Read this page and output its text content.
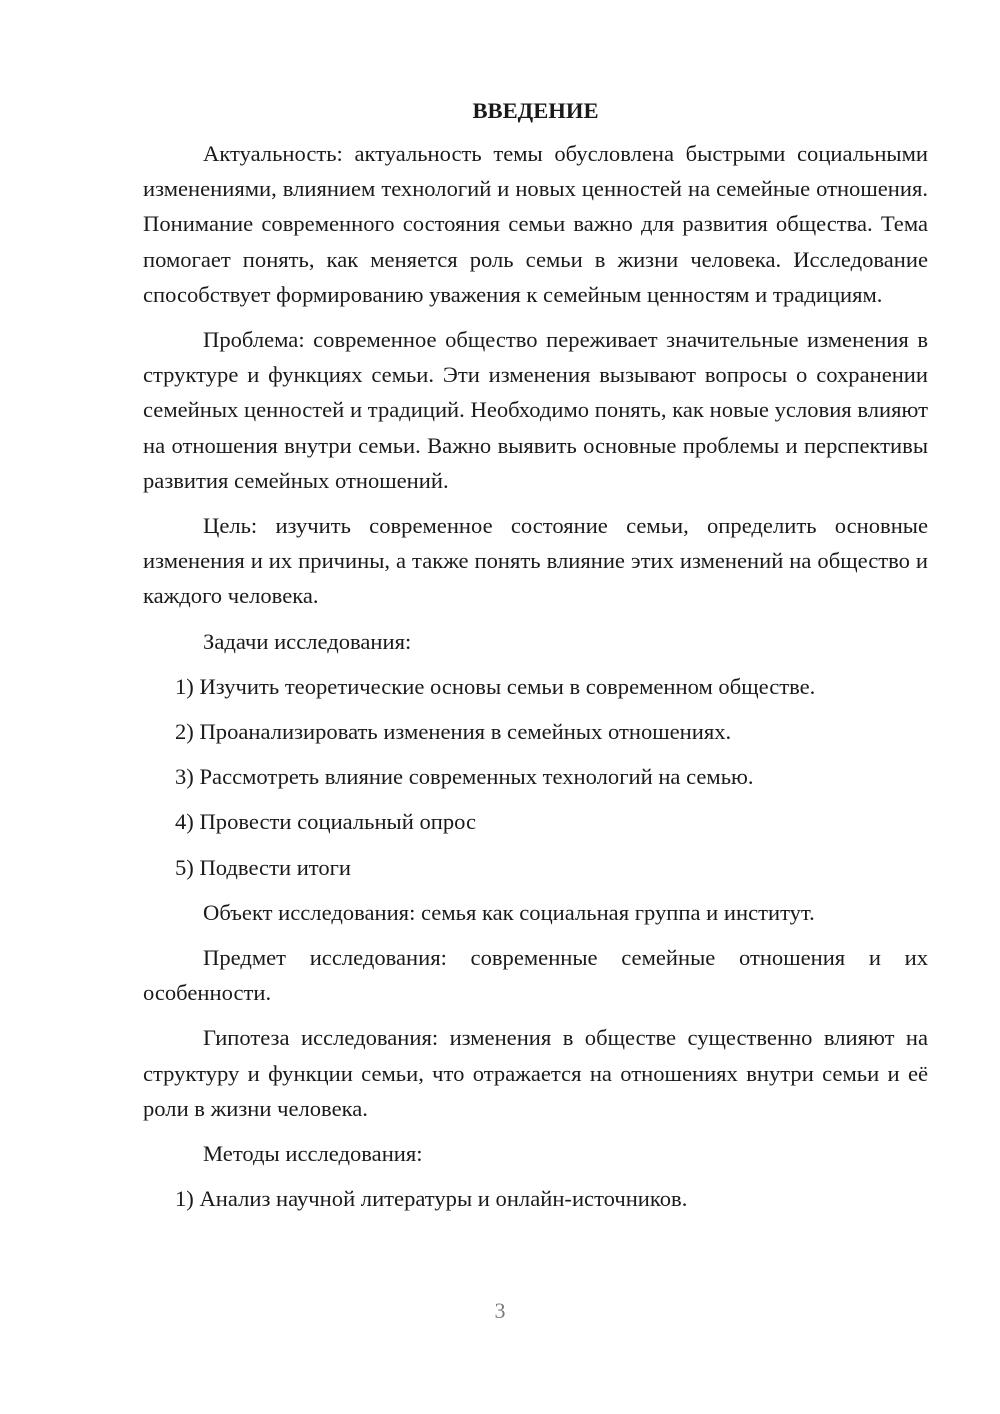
ВВЕДЕНИЕ

Актуальность: актуальность темы обусловлена быстрыми социальными изменениями, влиянием технологий и новых ценностей на семейные отношения. Понимание современного состояния семьи важно для развития общества. Тема помогает понять, как меняется роль семьи в жизни человека. Исследование способствует формированию уважения к семейным ценностям и традициям.

Проблема: современное общество переживает значительные изменения в структуре и функциях семьи. Эти изменения вызывают вопросы о сохранении семейных ценностей и традиций. Необходимо понять, как новые условия влияют на отношения внутри семьи. Важно выявить основные проблемы и перспективы развития семейных отношений.

Цель: изучить современное состояние семьи, определить основные изменения и их причины, а также понять влияние этих изменений на общество и каждого человека.

Задачи исследования:

1) Изучить теоретические основы семьи в современном обществе.

2) Проанализировать изменения в семейных отношениях.

3) Рассмотреть влияние современных технологий на семью.

4) Провести социальный опрос

5) Подвести итоги

Объект исследования: семья как социальная группа и институт.

Предмет исследования: современные семейные отношения и их особенности.

Гипотеза исследования: изменения в обществе существенно влияют на структуру и функции семьи, что отражается на отношениях внутри семьи и её роли в жизни человека.

Методы исследования:

1) Анализ научной литературы и онлайн-источников.

3
